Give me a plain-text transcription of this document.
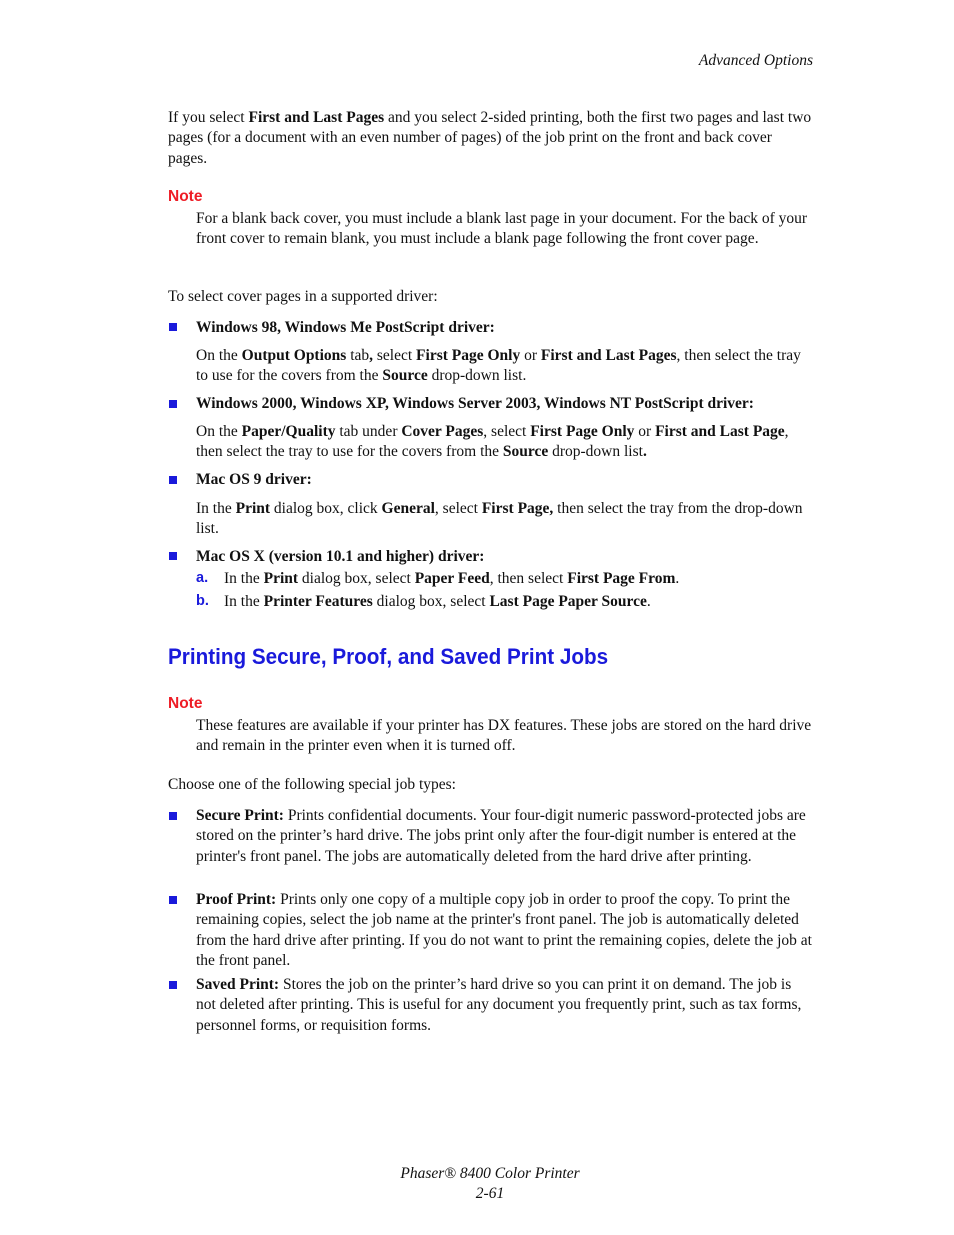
Advanced Options

If you select First and Last Pages and you select 2-sided printing, both the first two pages and last two pages (for a document with an even number of pages) of the job print on the front and back cover pages.

Note

For a blank back cover, you must include a blank last page in your document. For the back of your front cover to remain blank, you must include a blank page following the front cover page.

To select cover pages in a supported driver:

Windows 98, Windows Me PostScript driver:

On the Output Options tab, select First Page Only or First and Last Pages, then select the tray to use for the covers from the Source drop-down list.

Windows 2000, Windows XP, Windows Server 2003, Windows NT PostScript driver:

On the Paper/Quality tab under Cover Pages, select First Page Only or First and Last Page, then select the tray to use for the covers from the Source drop-down list.

Mac OS 9 driver:

In the Print dialog box, click General, select First Page, then select the tray from the drop-down list.

Mac OS X (version 10.1 and higher) driver:

a. In the Print dialog box, select Paper Feed, then select First Page From.

b. In the Printer Features dialog box, select Last Page Paper Source.

Printing Secure, Proof, and Saved Print Jobs
Note

These features are available if your printer has DX features. These jobs are stored on the hard drive and remain in the printer even when it is turned off.

Choose one of the following special job types:

Secure Print: Prints confidential documents. Your four-digit numeric password-protected jobs are stored on the printer’s hard drive. The jobs print only after the four-digit number is entered at the printer's front panel. The jobs are automatically deleted from the hard drive after printing.

Proof Print: Prints only one copy of a multiple copy job in order to proof the copy. To print the remaining copies, select the job name at the printer's front panel. The job is automatically deleted from the hard drive after printing. If you do not want to print the remaining copies, delete the job at the front panel.

Saved Print: Stores the job on the printer’s hard drive so you can print it on demand. The job is not deleted after printing. This is useful for any document you frequently print, such as tax forms, personnel forms, or requisition forms.

Phaser® 8400 Color Printer
2-61
